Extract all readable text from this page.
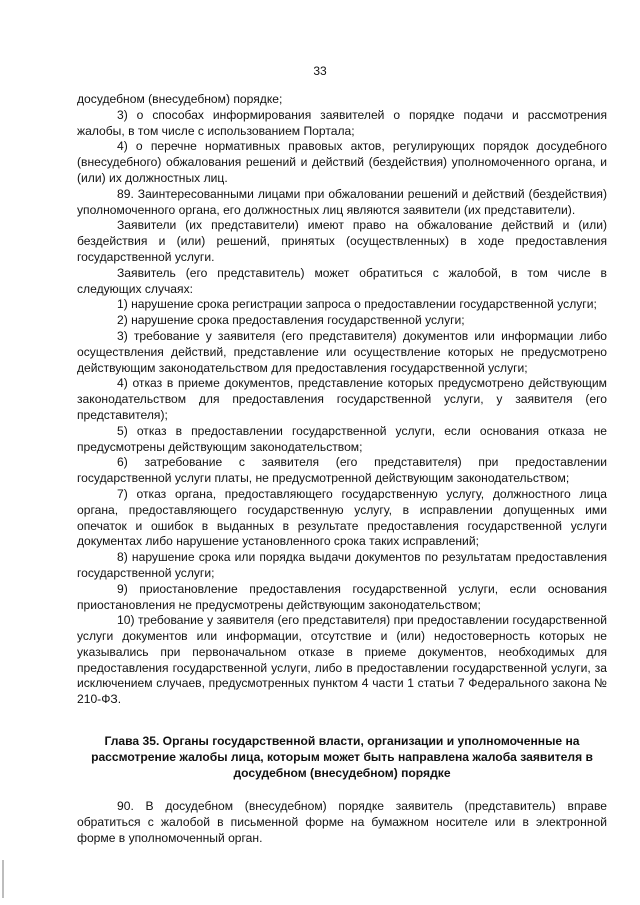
33

досудебном (внесудебном) порядке;

3) о способах информирования заявителей о порядке подачи и рассмотрения жалобы, в том числе с использованием Портала;

4) о перечне нормативных правовых актов, регулирующих порядок досудебного (внесудебного) обжалования решений и действий (бездействия) уполномоченного органа, и (или) их должностных лиц.

89. Заинтересованными лицами при обжаловании решений и действий (бездействия) уполномоченного органа, его должностных лиц являются заявители (их представители).

Заявители (их представители) имеют право на обжалование действий и (или) бездействия и (или) решений, принятых (осуществленных) в ходе предоставления государственной услуги.

Заявитель (его представитель) может обратиться с жалобой, в том числе в следующих случаях:

1) нарушение срока регистрации запроса о предоставлении государственной услуги;

2) нарушение срока предоставления государственной услуги;

3) требование у заявителя (его представителя) документов или информации либо осуществления действий, представление или осуществление которых не предусмотрено действующим законодательством для предоставления государственной услуги;

4) отказ в приеме документов, представление которых предусмотрено действующим законодательством для предоставления государственной услуги, у заявителя (его представителя);

5) отказ в предоставлении государственной услуги, если основания отказа не предусмотрены действующим законодательством;

6) затребование с заявителя (его представителя) при предоставлении государственной услуги платы, не предусмотренной действующим законодательством;

7) отказ органа, предоставляющего государственную услугу, должностного лица органа, предоставляющего государственную услугу, в исправлении допущенных ими опечаток и ошибок в выданных в результате предоставления государственной услуги документах либо нарушение установленного срока таких исправлений;

8) нарушение срока или порядка выдачи документов по результатам предоставления государственной услуги;

9) приостановление предоставления государственной услуги, если основания приостановления не предусмотрены действующим законодательством;

10) требование у заявителя (его представителя) при предоставлении государственной услуги документов или информации, отсутствие и (или) недостоверность которых не указывались при первоначальном отказе в приеме документов, необходимых для предоставления государственной услуги, либо в предоставлении государственной услуги, за исключением случаев, предусмотренных пунктом 4 части 1 статьи 7 Федерального закона № 210-ФЗ.

Глава 35. Органы государственной власти, организации и уполномоченные на рассмотрение жалобы лица, которым может быть направлена жалоба заявителя в досудебном (внесудебном) порядке

90. В досудебном (внесудебном) порядке заявитель (представитель) вправе обратиться с жалобой в письменной форме на бумажном носителе или в электронной форме в уполномоченный орган.
